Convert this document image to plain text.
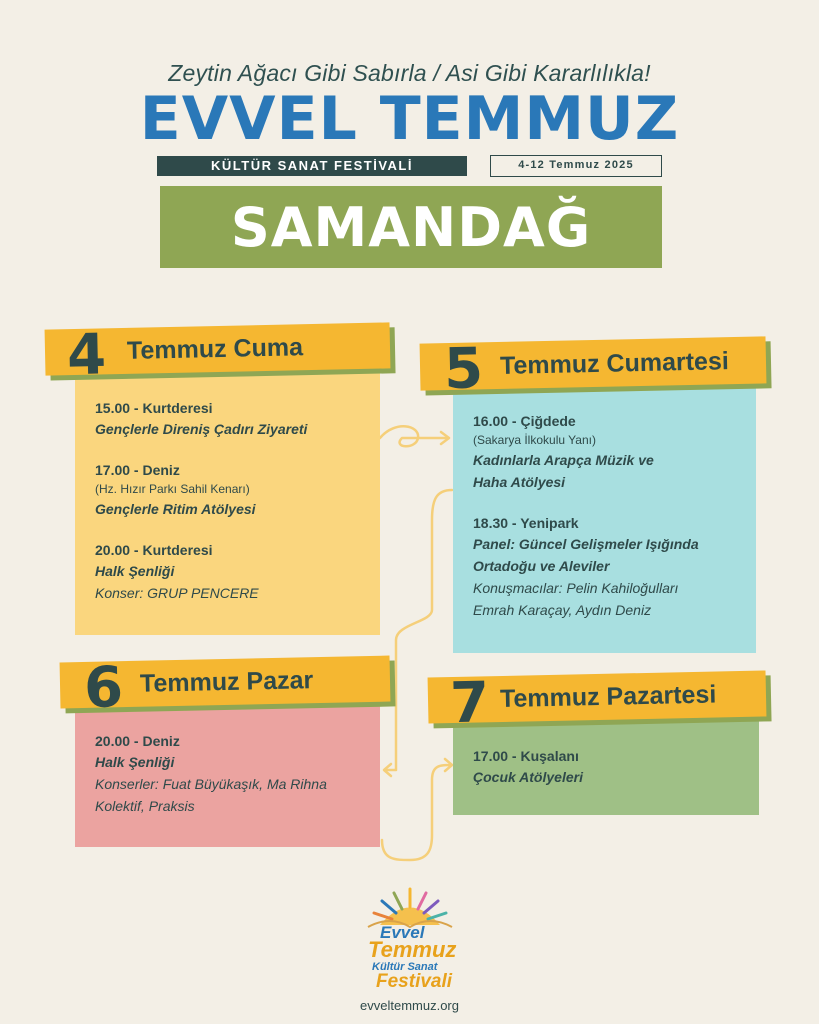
Zeytin Ağacı Gibi Sabırla / Asi Gibi Kararlılıkla!
EVVEL TEMMUZ
KÜLTÜR SANAT FESTİVALİ	4-12 Temmuz 2025
SAMANDAĞ
15.00 - Kurtderesi
Gençlerle Direniş Çadırı Ziyareti
17.00 - Deniz
(Hz. Hızır Parkı Sahil Kenarı)
Gençlerle Ritim Atölyesi
20.00 - Kurtderesi
Halk Şenliği
Konser: GRUP PENCERE
4 Temmuz Cuma
16.00 - Çiğdede
(Sakarya İlkokulu Yanı)
Kadınlarla Arapça Müzik ve Haha Atölyesi
18.30 - Yenipark
Panel: Güncel Gelişmeler Işığında Ortadoğu ve Aleviler
Konuşmacılar: Pelin Kahiloğulları Emrah Karaçay, Aydın Deniz
5 Temmuz Cumartesi
20.00 - Deniz
Halk Şenliği
Konserler: Fuat Büyükaşık, Ma Rihna Kolektif, Praksis
6 Temmuz Pazar
17.00 - Kuşalanı
Çocuk Atölyeleri
7 Temmuz Pazartesi
Evvel
Temmuz
Kültür Sanat
Festivali
evveltemmuz.org
